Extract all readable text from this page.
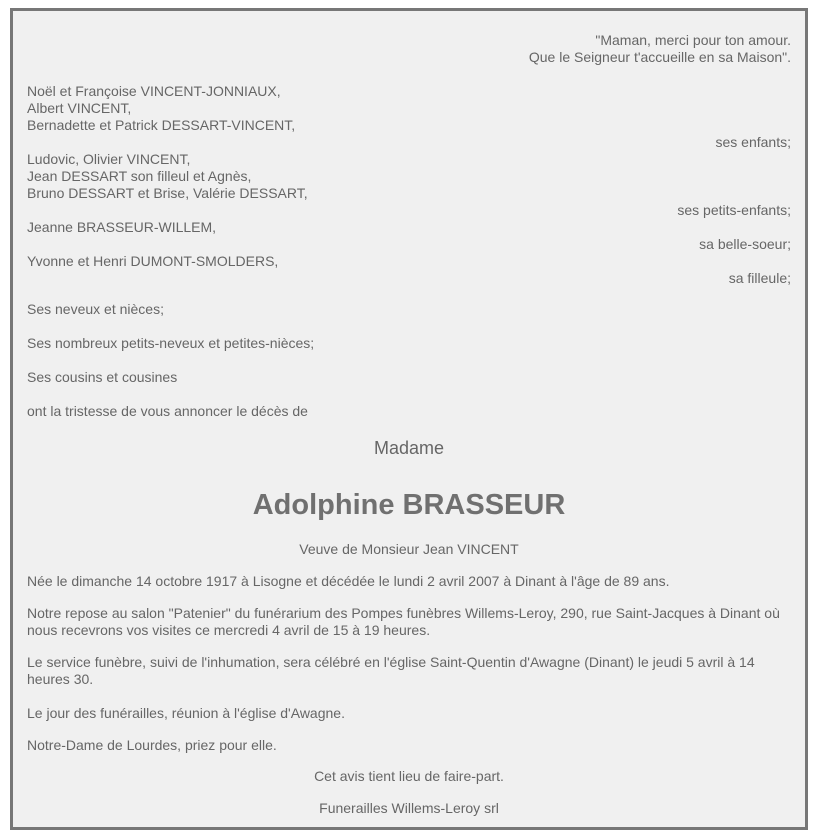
"Maman, merci pour ton amour.
Que le Seigneur t'accueille en sa Maison".
Noël et Françoise VINCENT-JONNIAUX,
Albert VINCENT,
Bernadette et Patrick DESSART-VINCENT,
ses enfants;
Ludovic, Olivier VINCENT,
Jean DESSART son filleul et Agnès,
Bruno DESSART et Brise, Valérie DESSART,
ses petits-enfants;
Jeanne BRASSEUR-WILLEM,
sa belle-soeur;
Yvonne et Henri DUMONT-SMOLDERS,
sa filleule;
Ses neveux et nièces;
Ses nombreux petits-neveux et petites-nièces;
Ses cousins et cousines
ont la tristesse de vous annoncer le décès de
Madame
Adolphine BRASSEUR
Veuve de Monsieur Jean VINCENT
Née le dimanche 14 octobre 1917 à Lisogne et décédée le lundi 2 avril 2007 à Dinant à l'âge de 89 ans.
Notre repose au salon "Patenier" du funérarium des Pompes funèbres Willems-Leroy, 290, rue Saint-Jacques à Dinant où nous recevrons vos visites ce mercredi 4 avril de 15 à 19 heures.
Le service funèbre, suivi de l'inhumation, sera célébré en l'église Saint-Quentin d'Awagne (Dinant) le jeudi 5 avril à 14 heures 30.
Le jour des funérailles, réunion à l'église d'Awagne.
Notre-Dame de Lourdes, priez pour elle.
Cet avis tient lieu de faire-part.
Funerailles Willems-Leroy srl
